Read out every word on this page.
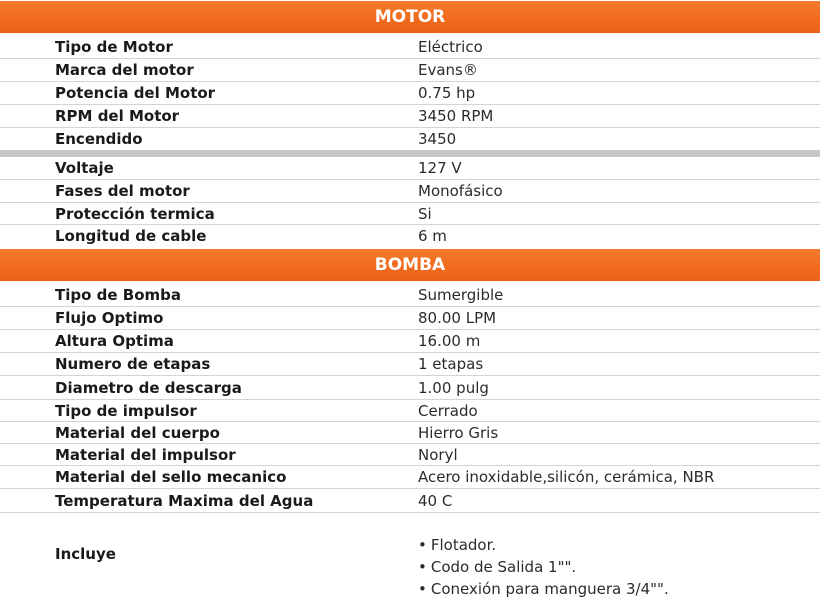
MOTOR
Tipo de Motor	Eléctrico
Marca del motor	Evans®
Potencia del Motor	0.75 hp
RPM del Motor	3450 RPM
Encendido	3450
Voltaje	127 V
Fases del motor	Monofásico
Protección termica	Si
Longitud de cable	6 m
BOMBA
Tipo de Bomba	Sumergible
Flujo Optimo	80.00 LPM
Altura Optima	16.00 m
Numero de etapas	1 etapas
Diametro de descarga	1.00 pulg
Tipo de impulsor	Cerrado
Material del cuerpo	Hierro Gris
Material del impulsor	Noryl
Material del sello mecanico	Acero inoxidable,silicón, cerámica, NBR
Temperatura Maxima del Agua	40 C
Incluye	• Flotador.
• Codo de Salida 1"".
• Conexión para manguera 3/4"".
